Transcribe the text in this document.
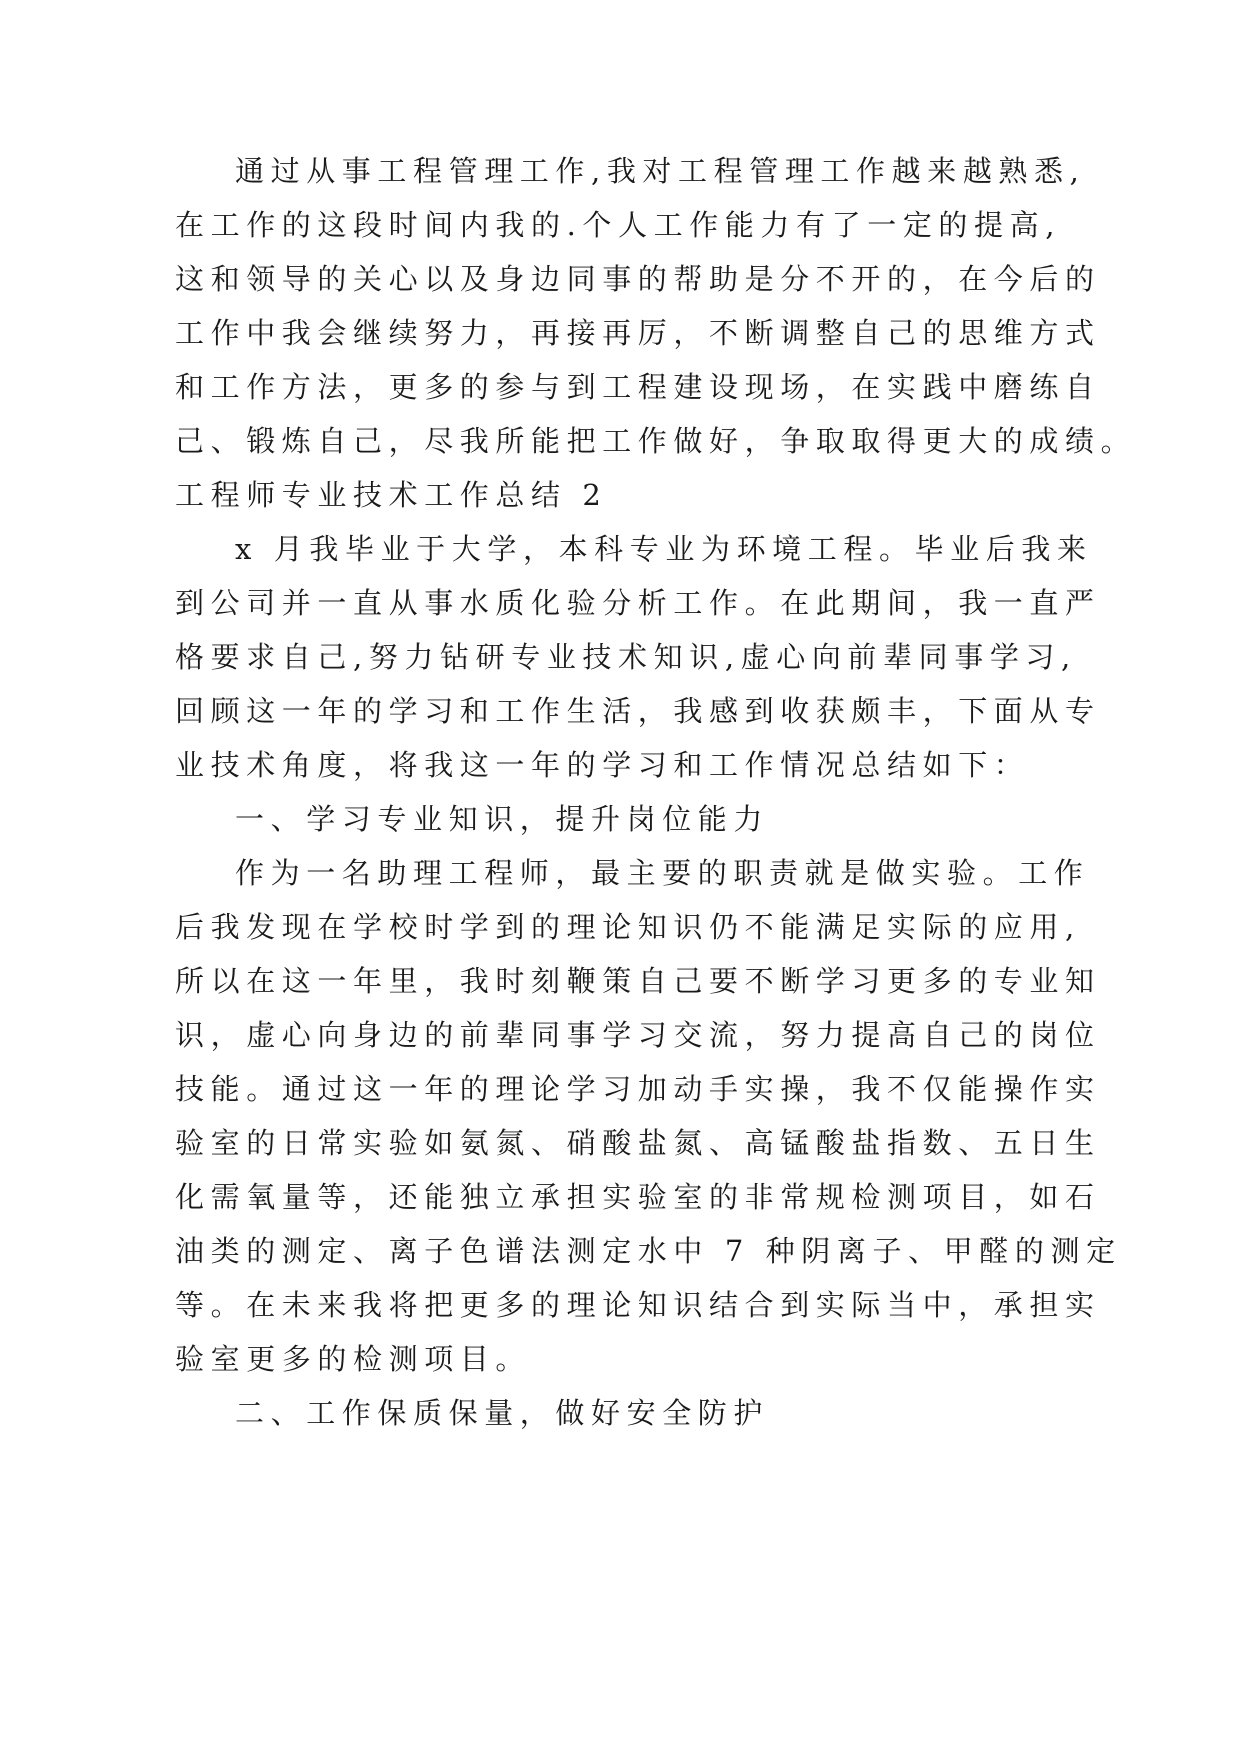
通过从事工程管理工作,我对工程管理工作越来越熟悉,
在工作的这段时间内我的.个人工作能力有了一定的提高,
这和领导的关心以及身边同事的帮助是分不开的，在今后的
工作中我会继续努力，再接再厉，不断调整自己的思维方式
和工作方法，更多的参与到工程建设现场，在实践中磨练自
己、锻炼自己，尽我所能把工作做好，争取取得更大的成绩。
工程师专业技术工作总结 2
x 月我毕业于大学，本科专业为环境工程。毕业后我来
到公司并一直从事水质化验分析工作。在此期间，我一直严
格要求自己,努力钻研专业技术知识,虚心向前辈同事学习,
回顾这一年的学习和工作生活，我感到收获颇丰，下面从专
业技术角度，将我这一年的学习和工作情况总结如下：
一、学习专业知识，提升岗位能力
作为一名助理工程师，最主要的职责就是做实验。工作
后我发现在学校时学到的理论知识仍不能满足实际的应用,
所以在这一年里，我时刻鞭策自己要不断学习更多的专业知
识，虚心向身边的前辈同事学习交流，努力提高自己的岗位
技能。通过这一年的理论学习加动手实操，我不仅能操作实
验室的日常实验如氨氮、硝酸盐氮、高锰酸盐指数、五日生
化需氧量等，还能独立承担实验室的非常规检测项目，如石
油类的测定、离子色谱法测定水中 7 种阴离子、甲醛的测定
等。在未来我将把更多的理论知识结合到实际当中，承担实
验室更多的检测项目。
二、工作保质保量，做好安全防护
